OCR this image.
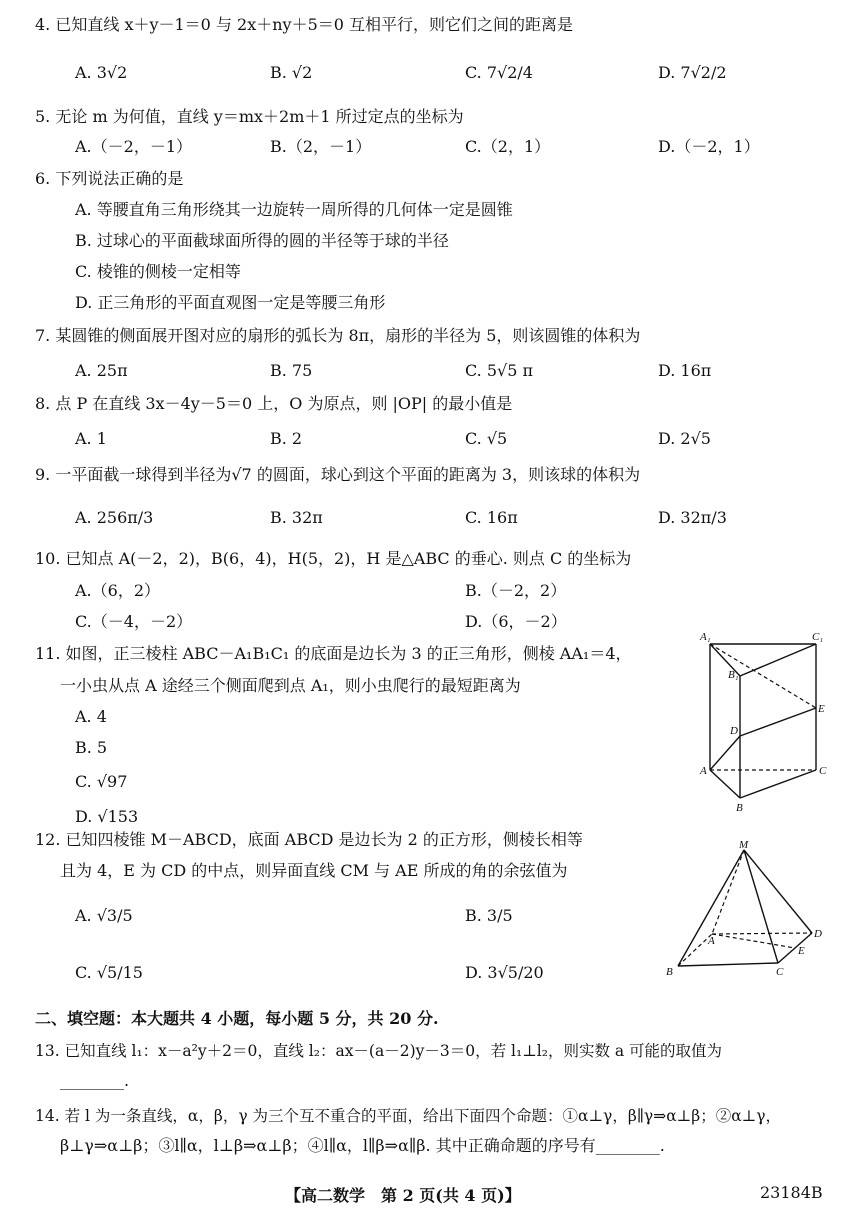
4. 已知直线 x＋y－1＝0 与 2x＋ny＋5＝0 互相平行，则它们之间的距离是
A. 3√2	B. √2	C. 7√2/4	D. 7√2/2
5. 无论 m 为何值，直线 y＝mx＋2m＋1 所过定点的坐标为
A.（－2，－1）	B.（2，－1）	C.（2，1）	D.（－2，1）
6. 下列说法正确的是
A. 等腰直角三角形绕其一边旋转一周所得的几何体一定是圆锥
B. 过球心的平面截球面所得的圆的半径等于球的半径
C. 棱锥的侧棱一定相等
D. 正三角形的平面直观图一定是等腰三角形
7. 某圆锥的侧面展开图对应的扇形的弧长为 8π，扇形的半径为 5，则该圆锥的体积为
A. 25π	B. 75	C. 5√5 π	D. 16π
8. 点 P 在直线 3x－4y－5＝0 上，O 为原点，则 |OP| 的最小值是
A. 1	B. 2	C. √5	D. 2√5
9. 一平面截一球得到半径为√7 的圆面，球心到这个平面的距离为 3，则该球的体积为
A. 256π/3	B. 32π	C. 16π	D. 32π/3
10. 已知点 A(－2，2)，B(6，4)，H(5，2)，H 是△ABC 的垂心. 则点 C 的坐标为
A.（6，2）	B.（－2，2）
C.（－4，－2）	D.（6，－2）
11. 如图，正三棱柱 ABC－A₁B₁C₁ 的底面是边长为 3 的正三角形，侧棱 AA₁＝4，
一小虫从点 A 途经三个侧面爬到点 A₁，则小虫爬行的最短距离为
A. 4
B. 5
C. √97
D. √153
A₁	C₁
B₁
E
D
A	C
B
12. 已知四棱锥 M－ABCD，底面 ABCD 是边长为 2 的正方形，侧棱长相等
且为 4，E 为 CD 的中点，则异面直线 CM 与 AE 所成的角的余弦值为
A. √3/5	B. 3/5
C. √5/15	D. 3√5/20
M
A
D
E
B	C
二、填空题：本大题共 4 小题，每小题 5 分，共 20 分.
13. 已知直线 l₁：x－a²y＋2＝0，直线 l₂：ax－(a－2)y－3＝0，若 l₁⊥l₂，则实数 a 可能的取值为
________.
14. 若 l 为一条直线，α，β，γ 为三个互不重合的平面，给出下面四个命题：①α⊥γ，β∥γ⇒α⊥β；②α⊥γ，
β⊥γ⇒α⊥β；③l∥α，l⊥β⇒α⊥β；④l∥α，l∥β⇒α∥β. 其中正确命题的序号有________.
【高二数学　第 2 页(共 4 页)】	23184B
